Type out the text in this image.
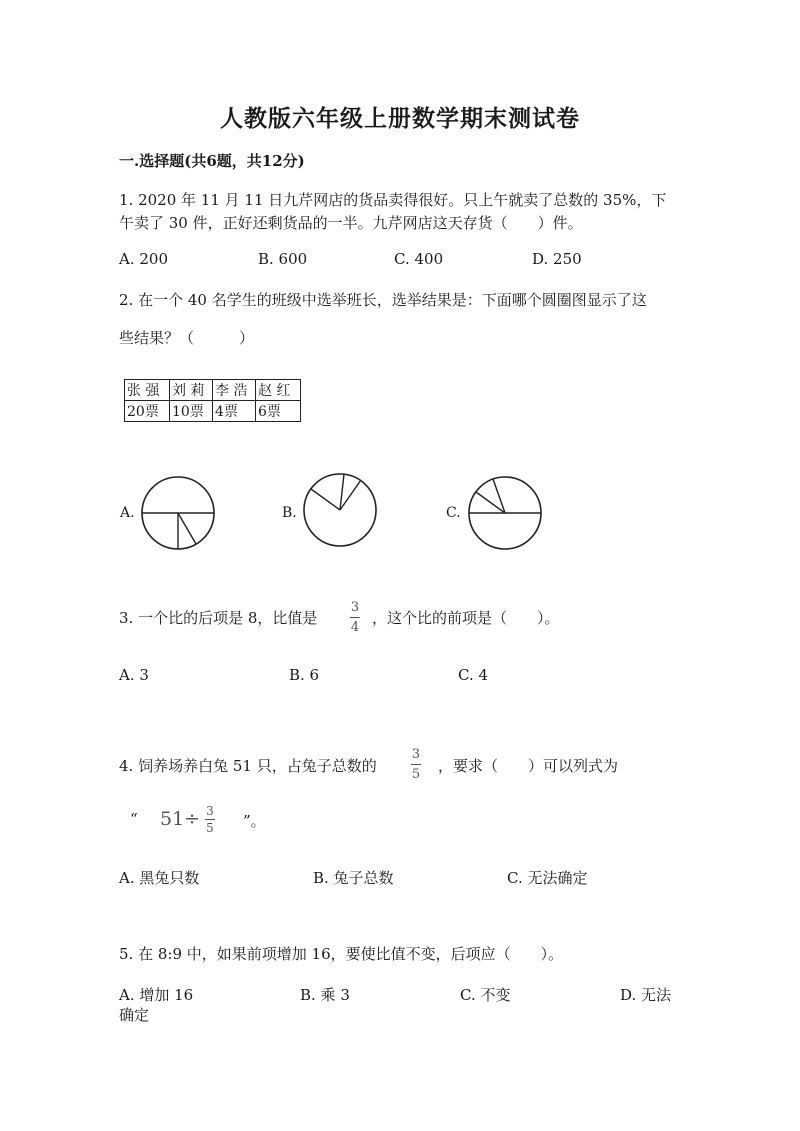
人教版六年级上册数学期末测试卷
一.选择题(共6题，共12分)
1. 2020 年 11 月 11 日九芹网店的货品卖得很好。只上午就卖了总数的 35%，下
午卖了 30 件，正好还剩货品的一半。九芹网店这天存货（　　）件。
A. 200	B. 600	C. 400	D. 250
2. 在一个 40 名学生的班级中选举班长，选举结果是：下面哪个圆圈图显示了这
些结果？（　　　）
张 强	刘 莉	李 浩	赵 红
20票	10票	4票	6票
A.	B.	C.
3. 一个比的后项是 8，比值是
3
4
，这个比的前项是（　　）。
A. 3	B. 6	C. 4
4. 饲养场养白兔 51 只，占兔子总数的
3
5 ，要求（　　）可以列式为
“ 51÷ 3
5 ”。
A. 黑兔只数	B. 兔子总数	C. 无法确定
5. 在 8:9 中，如果前项增加 16，要使比值不变，后项应（　　）。
A. 增加 16	B. 乘 3	C. 不变	D. 无法
确定
